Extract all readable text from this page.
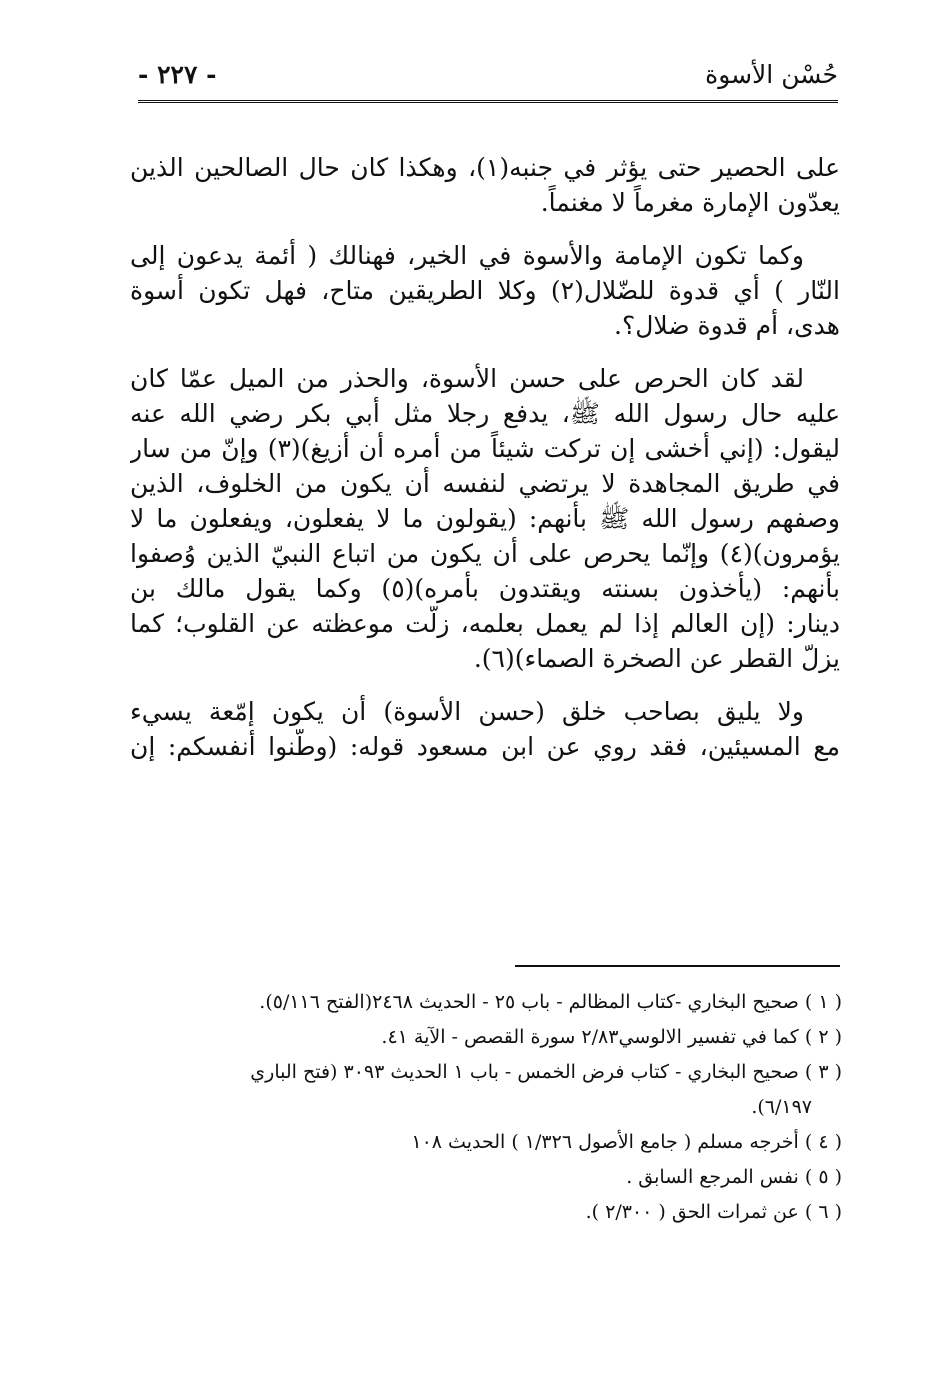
حُسْن الأسوة
- ٢٢٧ -

على الحصير حتى يؤثر في جنبه(١)، وهكذا كان حال الصالحين الذين
يعدّون الإمارة مغرماً لا مغنماً.

وكما تكون الإمامة والأسوة في الخير، فهنالك ( أئمة يدعون إلى
النّار ) أي قدوة للضّلال(٢) وكلا الطريقين متاح، فهل تكون أسوة
هدى، أم قدوة ضلال؟.

لقد كان الحرص على حسن الأسوة، والحذر من الميل عمّا كان
عليه حال رسول الله ﷺ، يدفع رجلا مثل أبي بكر رضي الله عنه
ليقول: (إني أخشى إن تركت شيئاً من أمره أن أزيغ)(٣) وإنّ من سار
في طريق المجاهدة لا يرتضي لنفسه أن يكون من الخلوف، الذين
وصفهم رسول الله ﷺ بأنهم: (يقولون ما لا يفعلون، ويفعلون ما لا
يؤمرون)(٤) وإنّما يحرص على أن يكون من اتباع النبيّ الذين وُصفوا
بأنهم: (يأخذون بسنته ويقتدون بأمره)(٥) وكما يقول مالك بن
دينار: (إن العالم إذا لم يعمل بعلمه، زلّت موعظته عن القلوب؛ كما
يزلّ القطر عن الصخرة الصماء)(٦).

ولا يليق بصاحب خلق (حسن الأسوة) أن يكون إمّعة يسيء
مع المسيئين، فقد روي عن ابن مسعود قوله: (وطّنوا أنفسكم: إن

( ١ ) صحيح البخاري -كتاب المظالم - باب ٢٥ - الحديث ٢٤٦٨(الفتح ٥/١١٦).
( ٢ ) كما في تفسير الالوسي٢/٨٣ سورة القصص - الآية ٤١.
( ٣ ) صحيح البخاري - كتاب فرض الخمس - باب ١ الحديث ٣٠٩٣ (فتح الباري
٦/١٩٧).
( ٤ ) أخرجه مسلم ( جامع الأصول ١/٣٢٦ ) الحديث ١٠٨
( ٥ ) نفس المرجع السابق .
( ٦ ) عن ثمرات الحق ( ٢/٣٠٠ ).
